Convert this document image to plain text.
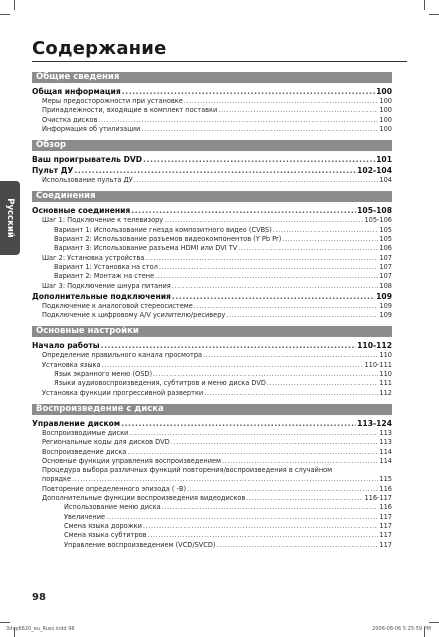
Содержание
Русский
Общие сведения
Общая информация .....	100
Меры предосторожности при установке .....	100
Принадлежности, входящие в комплект поставки .....	100
Очистка дисков .....	100
Информация об утилизации .....	100
Обзор
Ваш проигрыватель DVD .....	101
Пульт ДУ .....	102-104
Использование пульта ДУ .....	104
Соединения
Основные соединения .....	105-108
Шаг 1: Подключение к телевизору .....	105-106
Вариант 1: Использование гнезда композитного видео (CVBS) .....	105
Вариант 2: Использование разъемов видеокомпонентов (Y Pb Pr) .....	105
Вариант 3: Использование разъема HDMI или DVI TV .....	106
Шаг 2: Установка устройства .....	107
Вариант 1: Установка на стол .....	107
Вариант 2: Монтаж на стене .....	107
Шаг 3: Подключение шнура питания .....	108
Дополнительные подключения .....	109
Подключение к аналоговой стереосистеме .....	109
Подключение к цифровому A/V усилителю/ресиверу .....	109
Основные настройки
Начало работы .....	110-112
Определение правильного канала просмотра .....	110
Установка языка .....	110-111
Язык экранного меню (OSD) .....	110
Языки аудиовоспроизведения, субтитров и меню диска DVD .....	111
Установка функции прогрессивной развертки .....	112
Воспроизведение с диска
Управление диском .....	113-124
Воспроизводимые диски .....	113
Региональные коды для дисков DVD .....	113
Воспроизведение диска .....	114
Основные функции управления воспроизведением .....	114
Процедура выбора различных функций повторения/воспроизведения в случайном
порядке .....	115
Повторение определенного эпизода ( -B) .....	116
Дополнительные функции воспроизведения видеодисков .....	116-117
Использование меню диска .....	116
Увеличение .....	117
Смена языка дорожки .....	117
Смена языка субтитров .....	117
Управление воспроизведением (VCD/SVCD) .....	117
98
3dvp6620_eu_Russ.indd 98	2006-08-06 5:25:59 PM
